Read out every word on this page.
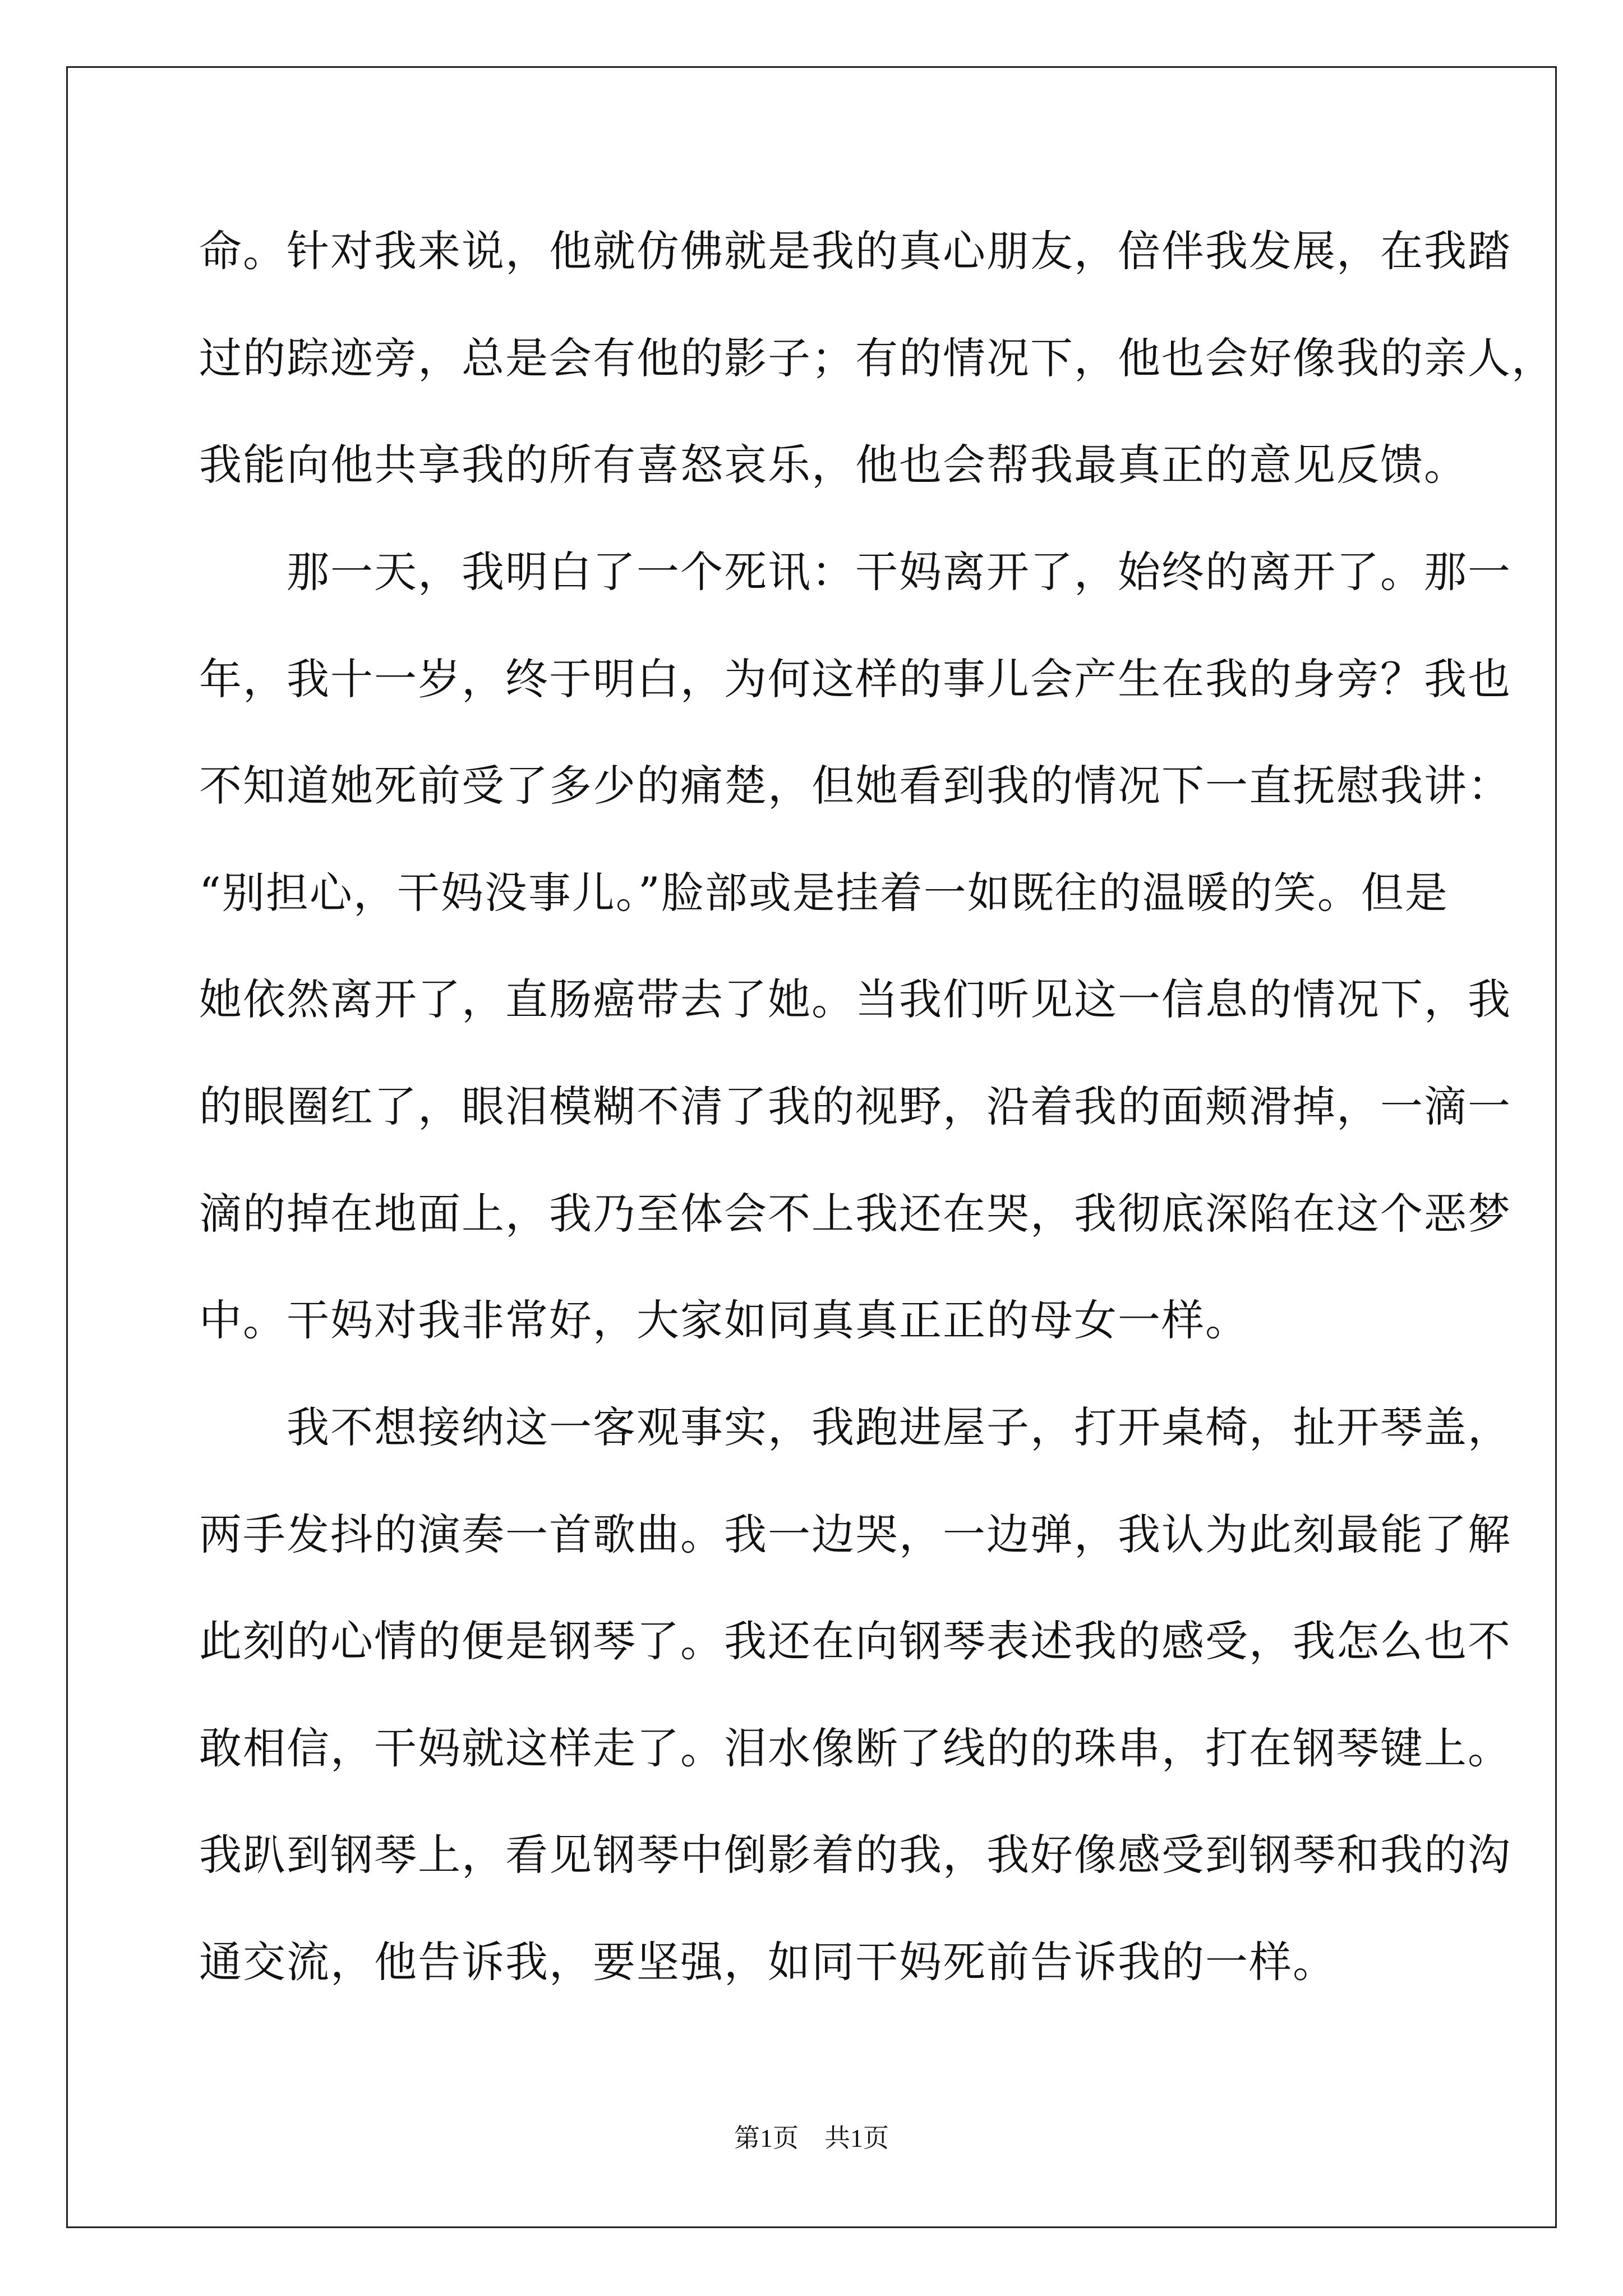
命。针对我来说，他就仿佛就是我的真心朋友，倍伴我发展，在我踏

过的踪迹旁，总是会有他的影子；有的情况下，他也会好像我的亲人，

我能向他共享我的所有喜怒哀乐，他也会帮我最真正的意见反馈。

　　那一天，我明白了一个死讯：干妈离开了，始终的离开了。那一

年，我十一岁，终于明白，为何这样的事儿会产生在我的身旁？我也

不知道她死前受了多少的痛楚，但她看到我的情况下一直抚慰我讲：

“别担心，干妈没事儿。”脸部或是挂着一如既往的温暖的笑。但是

她依然离开了，直肠癌带去了她。当我们听见这一信息的情况下，我

的眼圈红了，眼泪模糊不清了我的视野，沿着我的面颊滑掉，一滴一

滴的掉在地面上，我乃至体会不上我还在哭，我彻底深陷在这个恶梦

中。干妈对我非常好，大家如同真真正正的母女一样。

　　我不想接纳这一客观事实，我跑进屋子，打开桌椅，扯开琴盖，

两手发抖的演奏一首歌曲。我一边哭，一边弹，我认为此刻最能了解

此刻的心情的便是钢琴了。我还在向钢琴表述我的感受，我怎么也不

敢相信，干妈就这样走了。泪水像断了线的的珠串，打在钢琴键上。

我趴到钢琴上，看见钢琴中倒影着的我，我好像感受到钢琴和我的沟

通交流，他告诉我，要坚强，如同干妈死前告诉我的一样。

第1页　共1页
